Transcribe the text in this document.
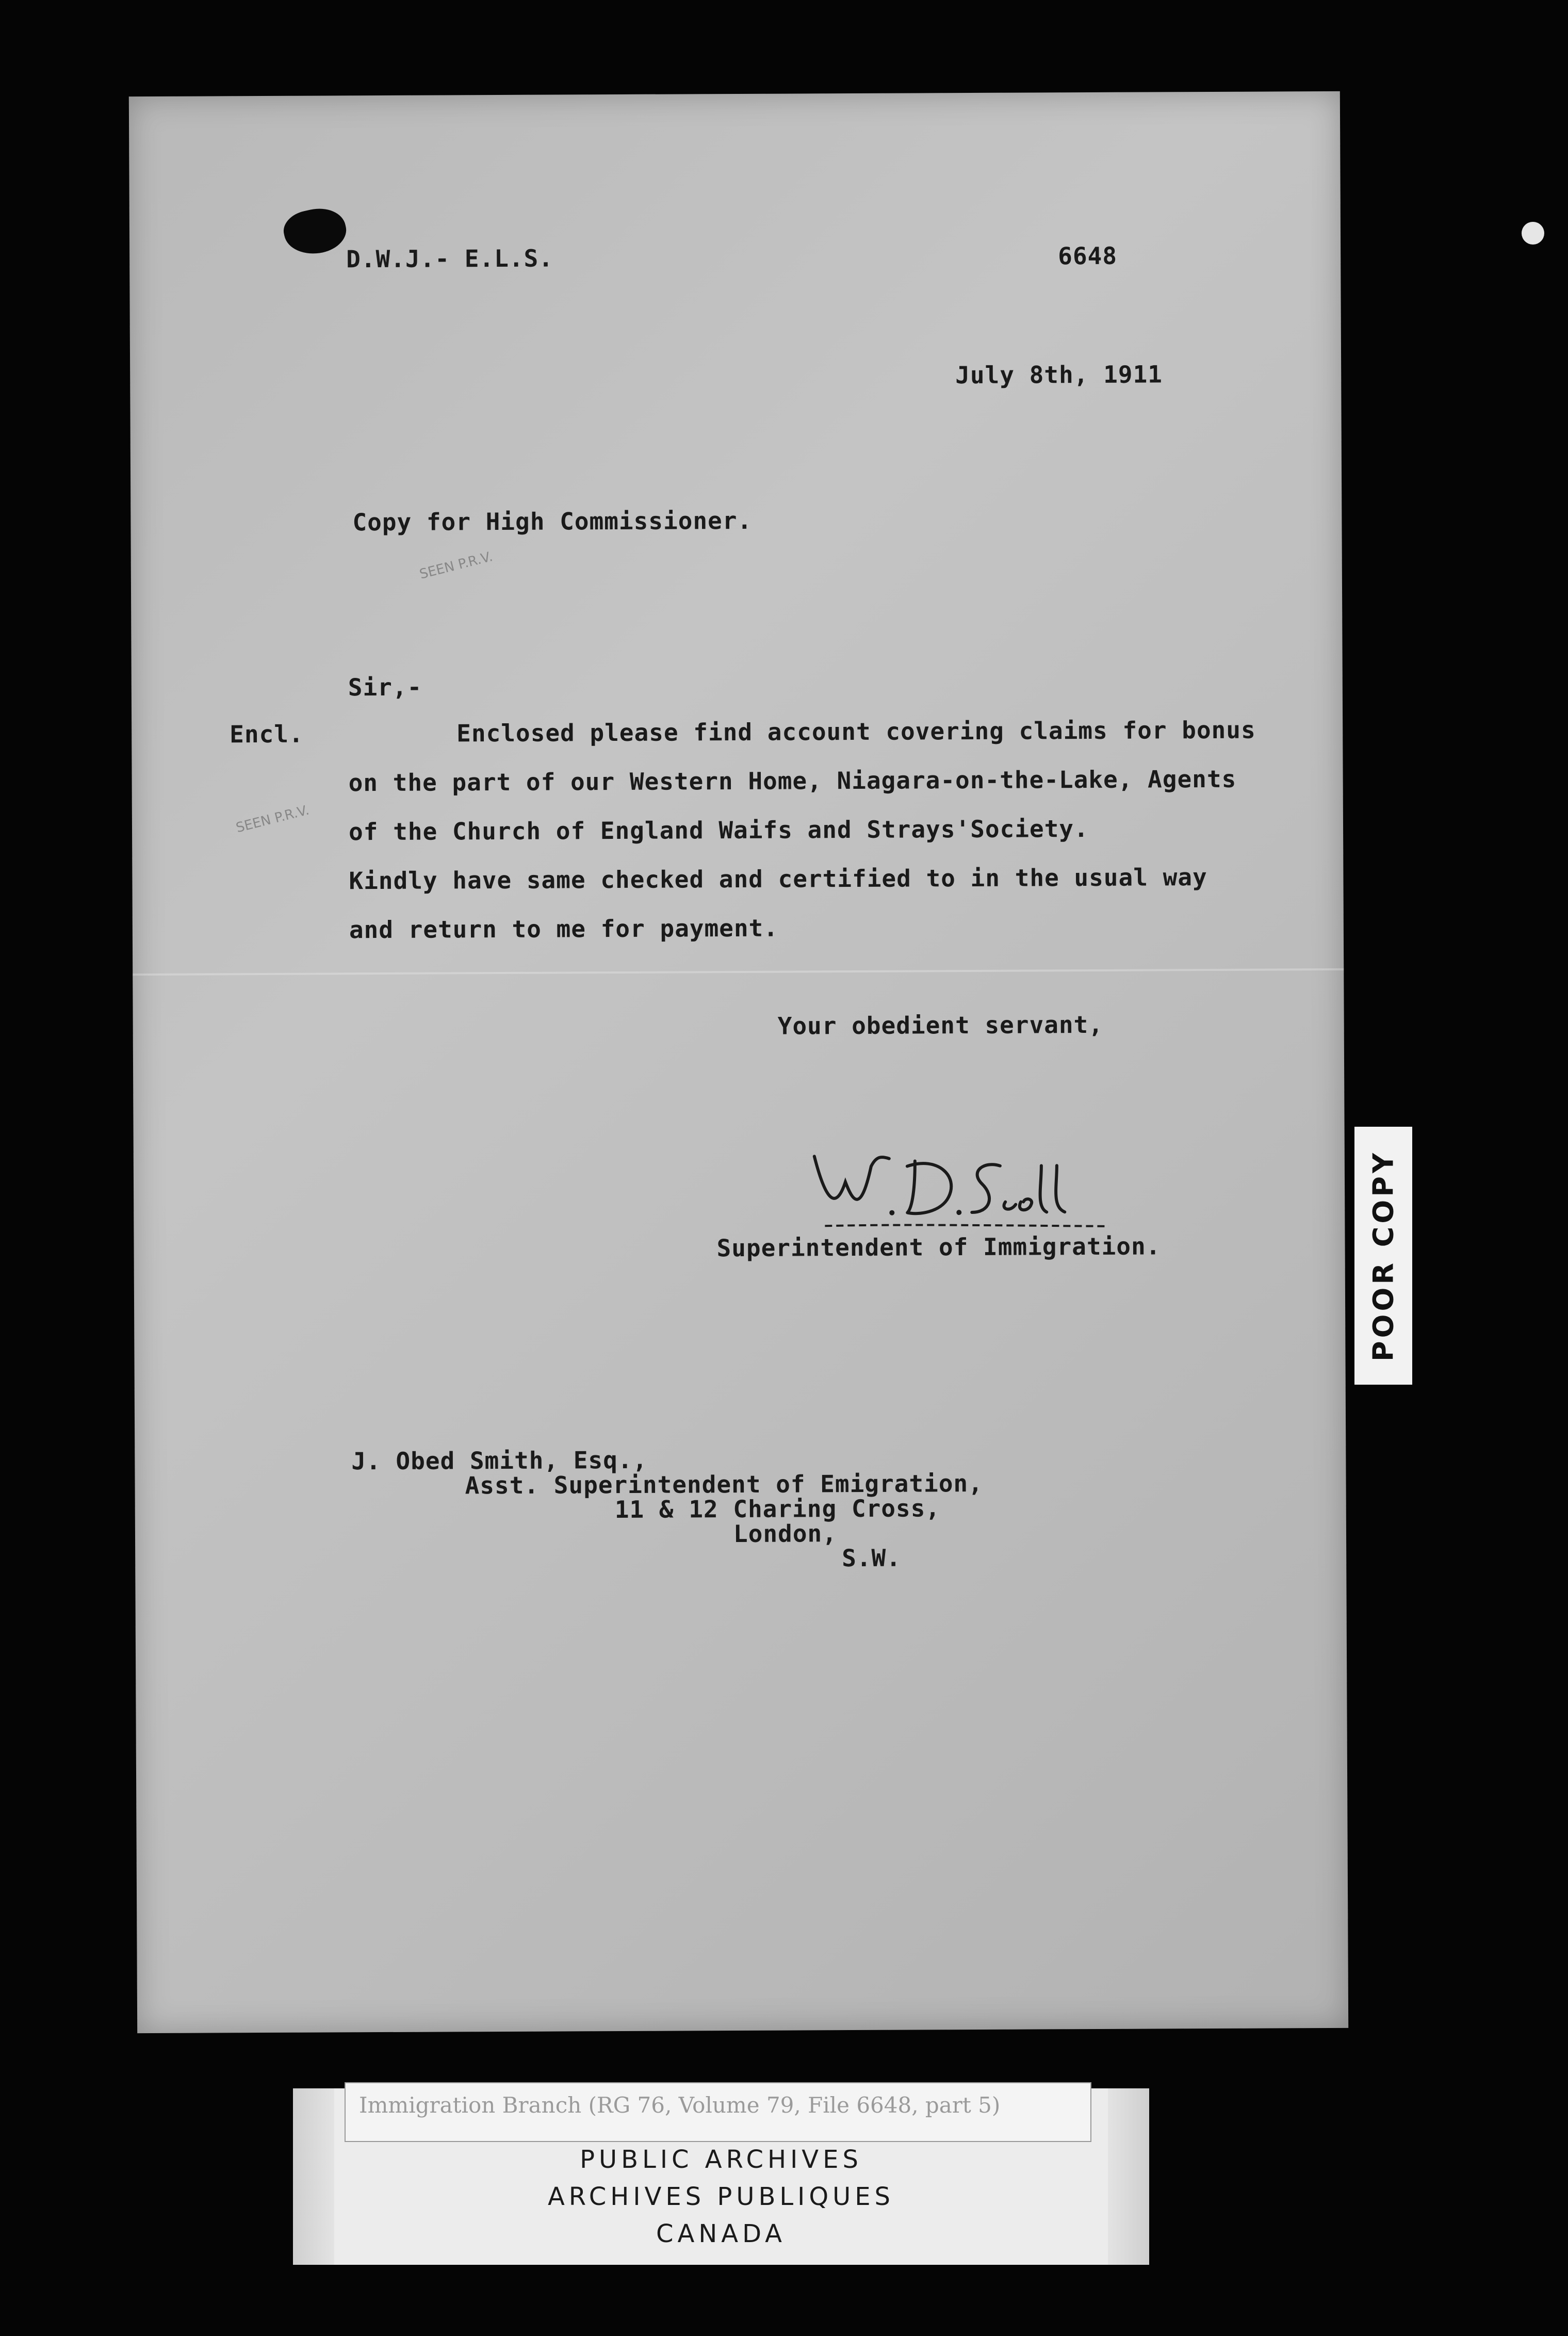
D.W.J.- E.L.S.	6648
July 8th, 1911
Copy for High Commissioner.
SEEN P.R.V.
Sir,-
Encl.	Enclosed please find account covering claims for bonus
on the part of our Western Home, Niagara-on-the-Lake, Agents
of the Church of England Waifs and Strays'Society.
Kindly have same checked and certified to in the usual way
and return to me for payment.
SEEN P.R.V.
Your obedient servant,
Superintendent of Immigration.
J. Obed Smith, Esq.,
Asst. Superintendent of Emigration,
11 & 12 Charing Cross,
London,
S.W.
POOR COPY
PUBLIC ARCHIVES
ARCHIVES PUBLIQUES
CANADA
Immigration Branch (RG 76, Volume 79, File 6648, part 5)
